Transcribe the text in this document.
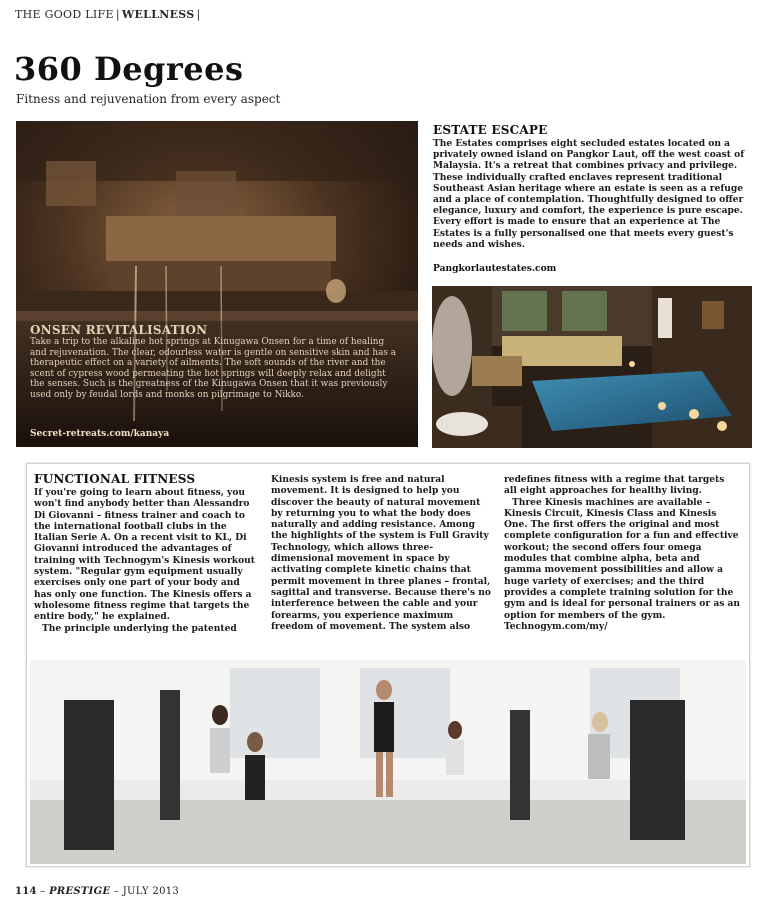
THE GOOD LIFE | WELLNESS |
360 Degrees
Fitness and rejuvenation from every aspect
ONSEN REVITALISATION
Take a trip to the alkaline hot springs at Kinugawa Onsen for a time of healing and rejuvenation. The clear, odourless water is gentle on sensitive skin and has a therapeutic effect on a variety of ailments. The soft sounds of the river and the scent of cypress wood permeating the hot springs will deeply relax and delight the senses. Such is the greatness of the Kinugawa Onsen that it was previously used only by feudal lords and monks on pilgrimage to Nikko.
Secret-retreats.com/kanaya
ESTATE ESCAPE
The Estates comprises eight secluded estates located on a privately owned island on Pangkor Laut, off the west coast of Malaysia. It's a retreat that combines privacy and privilege. These individually crafted enclaves represent traditional Southeast Asian heritage where an estate is seen as a refuge and a place of contemplation. Thoughtfully designed to offer elegance, luxury and comfort, the experience is pure escape. Every effort is made to ensure that an experience at The Estates is a fully personalised one that meets every guest's needs and wishes.
Pangkorlautestates.com
FUNCTIONAL FITNESS

If you're going to learn about fitness, you won't find anybody better than Alessandro Di Giovanni – fitness trainer and coach to the international football clubs in the Italian Serie A. On a recent visit to KL, Di Giovanni introduced the advantages of training with Technogym's Kinesis workout system. "Regular gym equipment usually exercises only one part of your body and has only one function. The Kinesis offers a wholesome fitness regime that targets the entire body," he explained.

The principle underlying the patented

Kinesis system is free and natural movement. It is designed to help you discover the beauty of natural movement by returning you to what the body does naturally and adding resistance. Among the highlights of the system is Full Gravity Technology, which allows three-dimensional movement in space by activating complete kinetic chains that permit movement in three planes – frontal, sagittal and transverse. Because there's no interference between the cable and your forearms, you experience maximum freedom of movement. The system also

redefines fitness with a regime that targets all eight approaches for healthy living.

Three Kinesis machines are available – Kinesis Circuit, Kinesis Class and Kinesis One. The first offers the original and most complete configuration for a fun and effective workout; the second offers four omega modules that combine alpha, beta and gamma movement possibilities and allow a huge variety of exercises; and the third provides a complete training solution for the gym and is ideal for personal trainers or as an option for members of the gym. Technogym.com/my/

114 – PRESTIGE – JULY 2013
